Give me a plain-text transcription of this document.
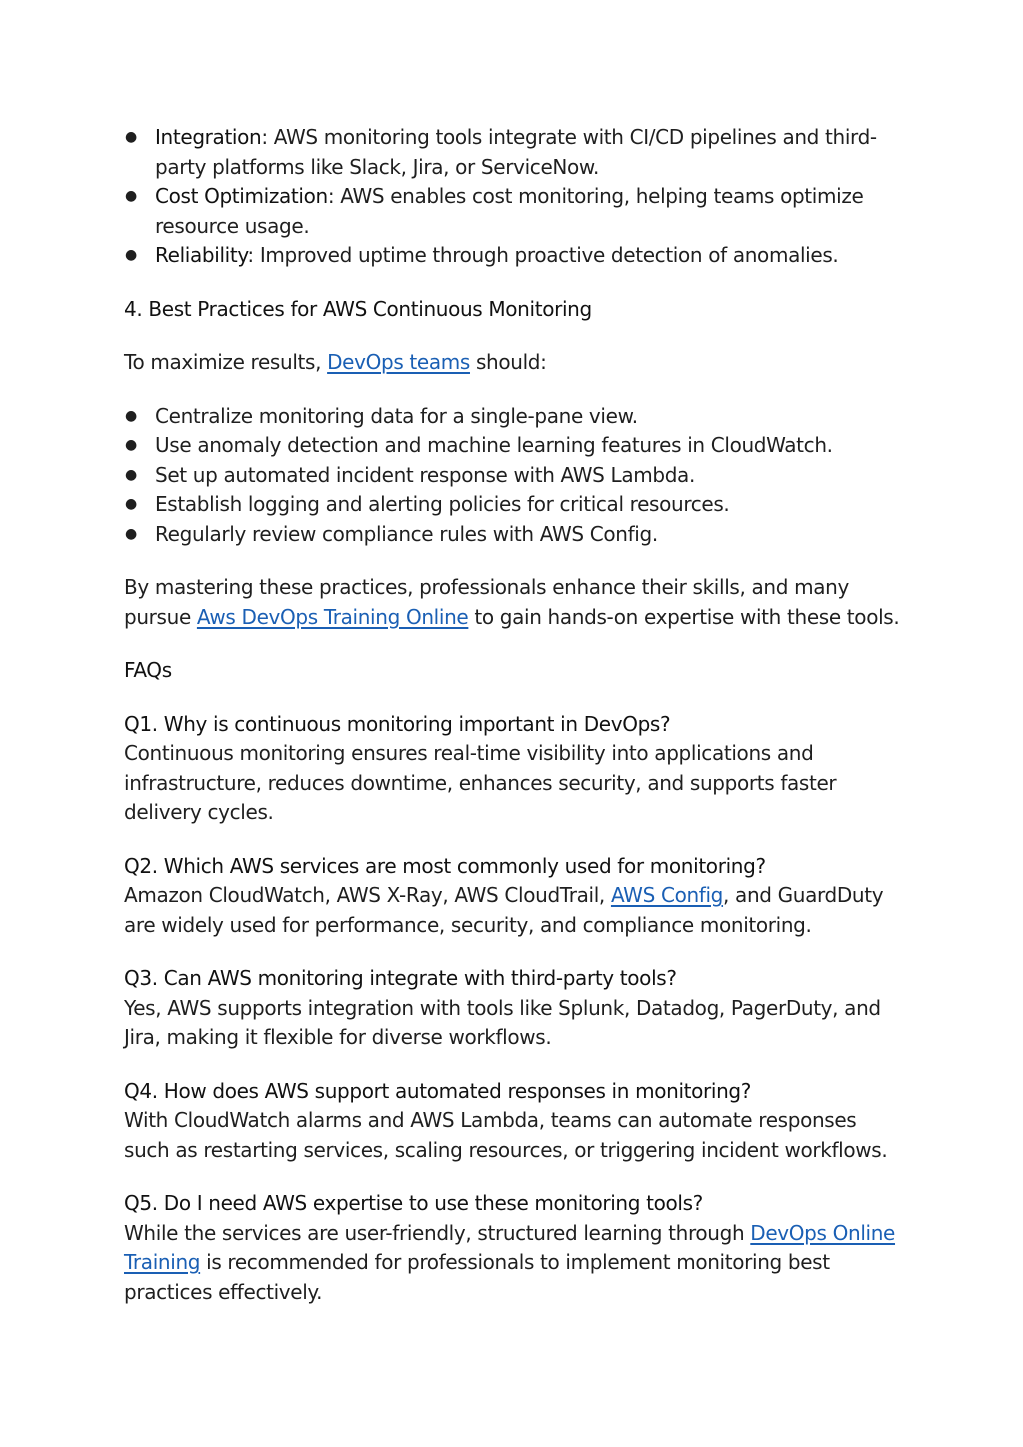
● Integration: AWS monitoring tools integrate with CI/CD pipelines and third-party platforms like Slack, Jira, or ServiceNow.
● Cost Optimization: AWS enables cost monitoring, helping teams optimize resource usage.
● Reliability: Improved uptime through proactive detection of anomalies.

4. Best Practices for AWS Continuous Monitoring

To maximize results, DevOps teams should:

● Centralize monitoring data for a single-pane view.
● Use anomaly detection and machine learning features in CloudWatch.
● Set up automated incident response with AWS Lambda.
● Establish logging and alerting policies for critical resources.
● Regularly review compliance rules with AWS Config.

By mastering these practices, professionals enhance their skills, and many pursue Aws DevOps Training Online to gain hands-on expertise with these tools.

FAQs

Q1. Why is continuous monitoring important in DevOps?

Continuous monitoring ensures real-time visibility into applications and infrastructure, reduces downtime, enhances security, and supports faster delivery cycles.

Q2. Which AWS services are most commonly used for monitoring?

Amazon CloudWatch, AWS X-Ray, AWS CloudTrail, AWS Config, and GuardDuty are widely used for performance, security, and compliance monitoring.

Q3. Can AWS monitoring integrate with third-party tools?

Yes, AWS supports integration with tools like Splunk, Datadog, PagerDuty, and Jira, making it flexible for diverse workflows.

Q4. How does AWS support automated responses in monitoring?

With CloudWatch alarms and AWS Lambda, teams can automate responses such as restarting services, scaling resources, or triggering incident workflows.

Q5. Do I need AWS expertise to use these monitoring tools?

While the services are user-friendly, structured learning through DevOps Online Training is recommended for professionals to implement monitoring best practices effectively.
